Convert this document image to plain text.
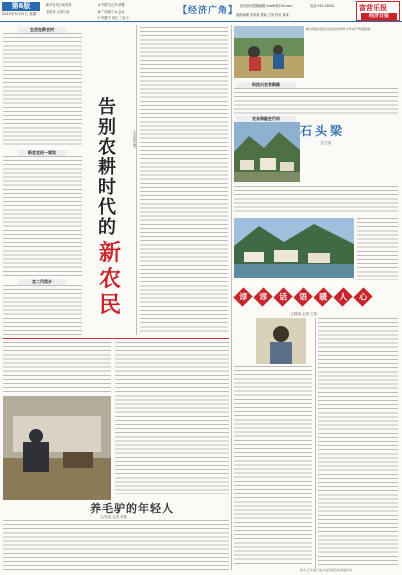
第6版
2015年3月31日 星期二
新华社讯日前发布
本报讯 记者日前
A 内蒙古召开 部署
B 广西南宁 A 会议
C 内蒙古 省区 三农 C
【经济广角】 经济副刊投稿邮箱 ecbfk@126.com	电话:010-28321
值班编辑 李某某 美编 王某 校对 某某
富营乐报
经济日报
生活在新农村
新老农民一席谈
农二代回乡
告
别
农
耕
时
代
的
新
农
民
文/本报记者
图为某地村民正在收获农作物,今年亩产再创新高。
科技兴农有新路
农业保险在行动
石头梁
文/王某
谆	谆	话	语	暖	人	心
文/陈某 记者 王某
养毛驴的年轻人
文/张某 记者 李某
如今,石头梁已成为远近闻名的美丽乡村
